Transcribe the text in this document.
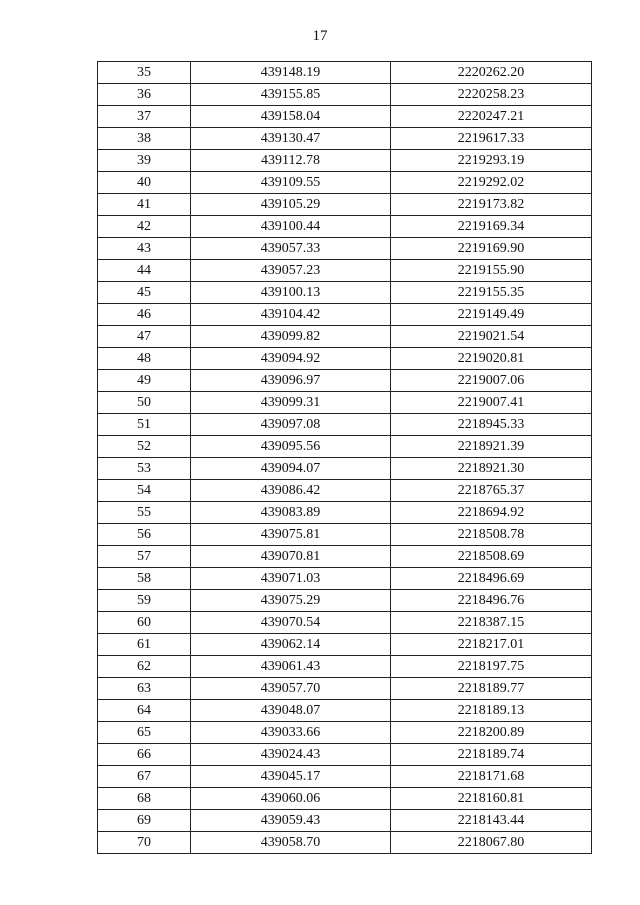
17
35	439148.19	2220262.20
36	439155.85	2220258.23
37	439158.04	2220247.21
38	439130.47	2219617.33
39	439112.78	2219293.19
40	439109.55	2219292.02
41	439105.29	2219173.82
42	439100.44	2219169.34
43	439057.33	2219169.90
44	439057.23	2219155.90
45	439100.13	2219155.35
46	439104.42	2219149.49
47	439099.82	2219021.54
48	439094.92	2219020.81
49	439096.97	2219007.06
50	439099.31	2219007.41
51	439097.08	2218945.33
52	439095.56	2218921.39
53	439094.07	2218921.30
54	439086.42	2218765.37
55	439083.89	2218694.92
56	439075.81	2218508.78
57	439070.81	2218508.69
58	439071.03	2218496.69
59	439075.29	2218496.76
60	439070.54	2218387.15
61	439062.14	2218217.01
62	439061.43	2218197.75
63	439057.70	2218189.77
64	439048.07	2218189.13
65	439033.66	2218200.89
66	439024.43	2218189.74
67	439045.17	2218171.68
68	439060.06	2218160.81
69	439059.43	2218143.44
70	439058.70	2218067.80
